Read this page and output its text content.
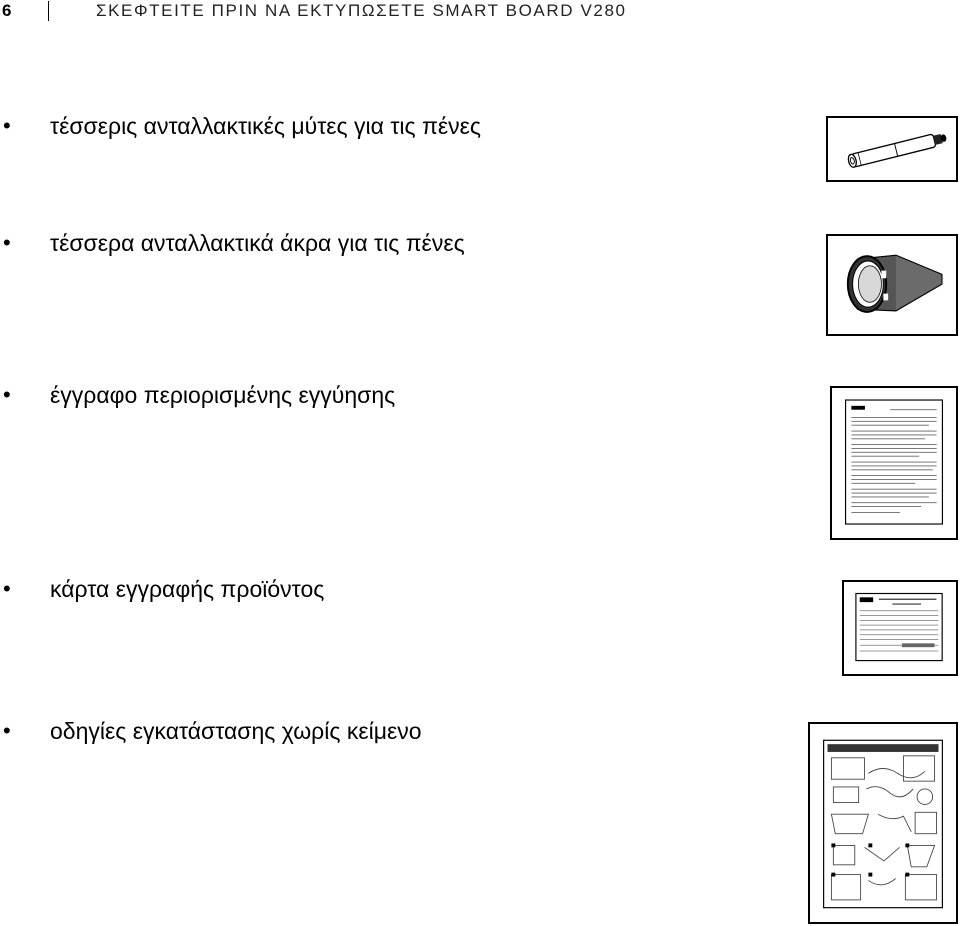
6	ΣΚΕΦΤΕΙΤΕ ΠΡΙΝ ΝΑ ΕΚΤΥΠΩΣΕΤΕ SMART BOARD V280
• τέσσερις ανταλλακτικές μύτες για τις πένες
• τέσσερα ανταλλακτικά άκρα για τις πένες
• έγγραφο περιορισμένης εγγύησης
• κάρτα εγγραφής προϊόντος
• οδηγίες εγκατάστασης χωρίς κείμενο
